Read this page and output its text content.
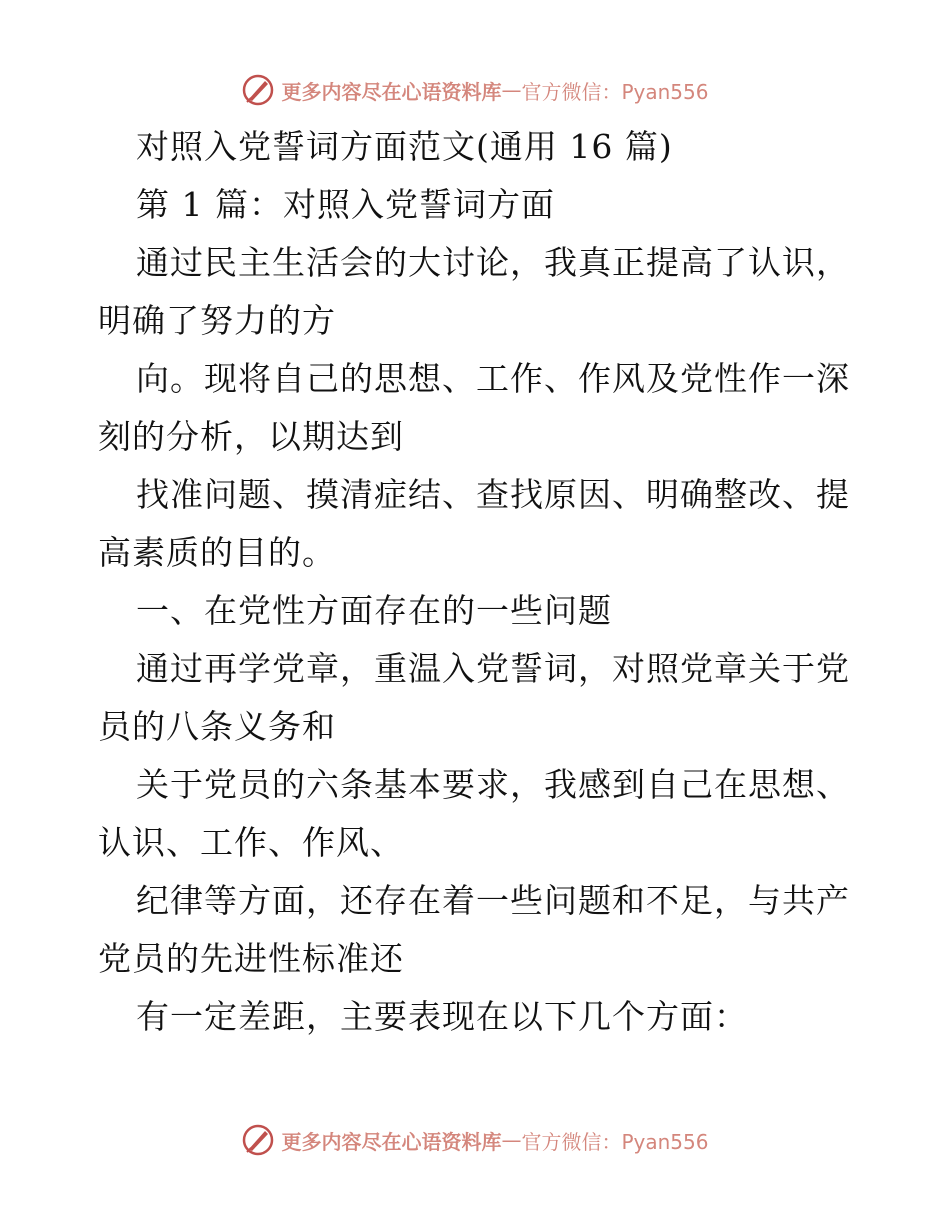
更多内容尽在心语资料库 — 官方微信：Pyan556
对照入党誓词方面范文(通用 16 篇)
第 1 篇：对照入党誓词方面
通过民主生活会的大讨论，我真正提高了认识，
明确了努力的方
向。现将自己的思想、工作、作风及党性作一深
刻的分析，以期达到
找准问题、摸清症结、查找原因、明确整改、提
高素质的目的。
一、在党性方面存在的一些问题
通过再学党章，重温入党誓词，对照党章关于党
员的八条义务和
关于党员的六条基本要求，我感到自己在思想、
认识、工作、作风、
纪律等方面，还存在着一些问题和不足，与共产
党员的先进性标准还
有一定差距，主要表现在以下几个方面：
更多内容尽在心语资料库 — 官方微信：Pyan556
